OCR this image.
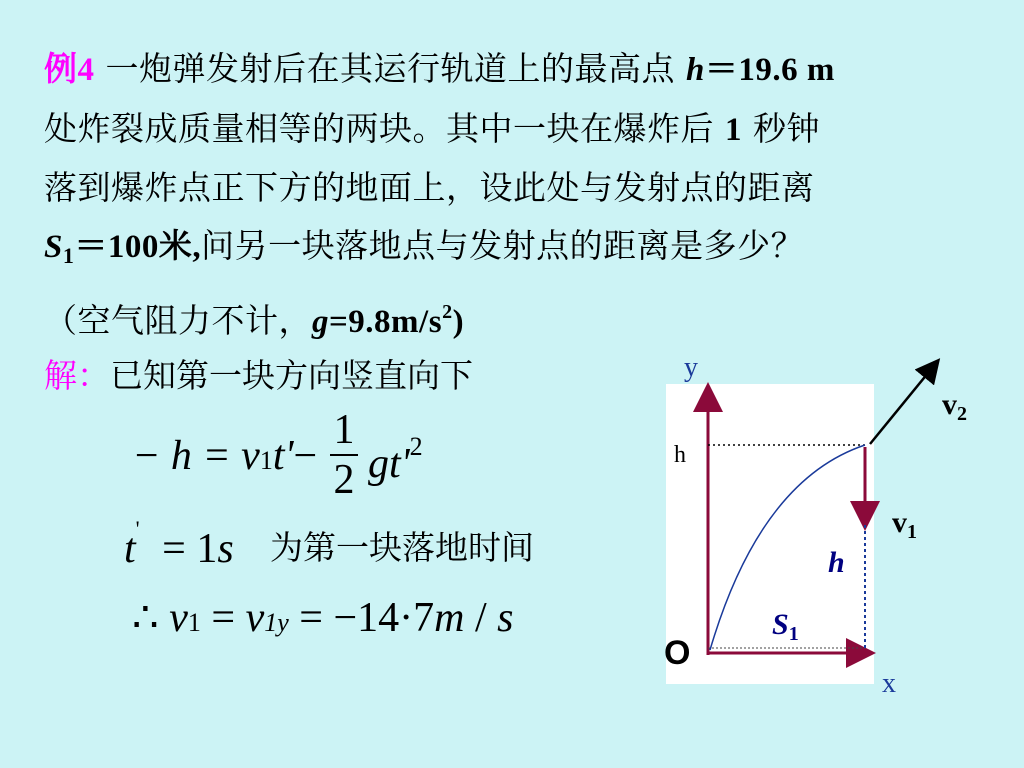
例4 一炮弹发射后在其运行轨道上的最高点 h＝19.6 m
处炸裂成质量相等的两块。其中一块在爆炸后 1 秒钟
落到爆炸点正下方的地面上，设此处与发射点的距离
$S_1=100$米,问另一块落地点与发射点的距离是多少？
（空气阻力不计，$g=9.8m/s^2$)
解：已知第一块方向竖直向下
− h = v1t'−
1
2 $gt'^2$
t' = 1s 为第一块落地时间
∴ v1 = v1y = −14·7m / s
y
x
h
O
$v_2$
$v_1$
h
$S_1$
